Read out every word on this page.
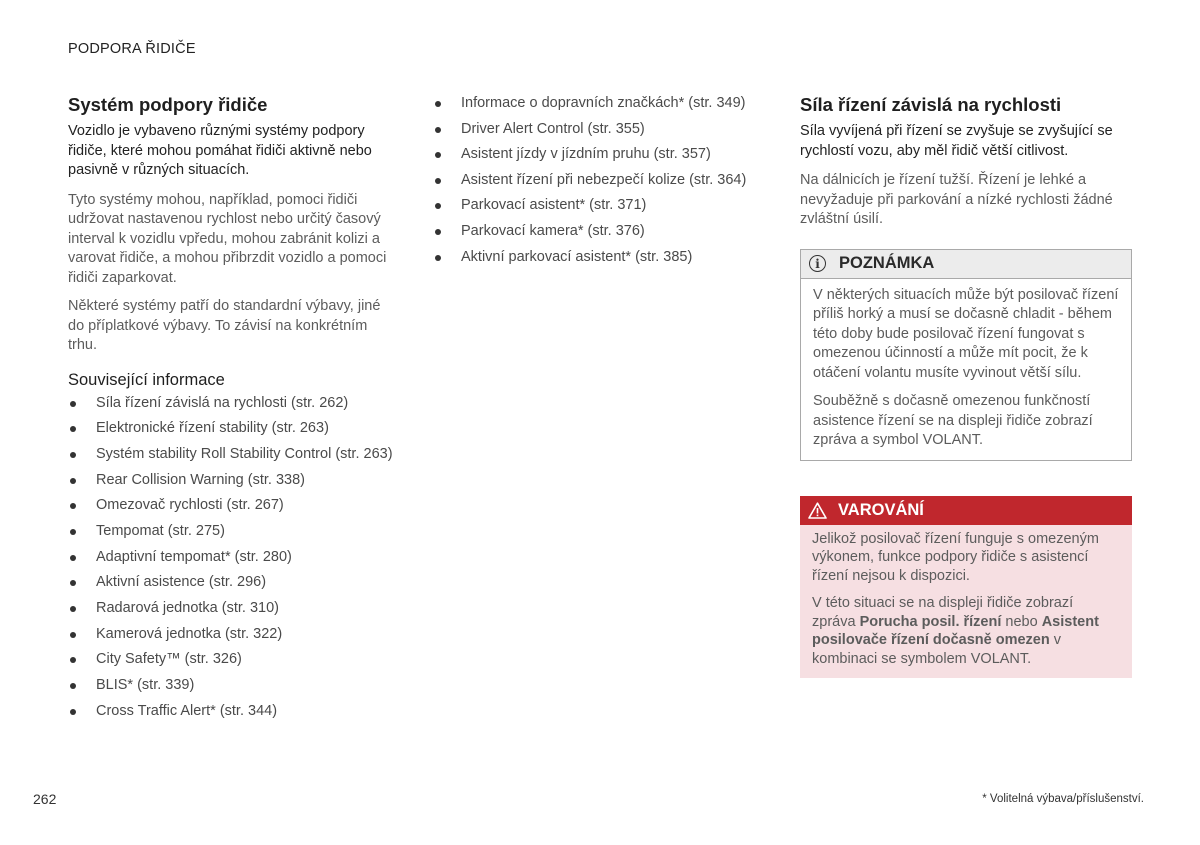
PODPORA ŘIDIČE
Systém podpory řidiče

Vozidlo je vybaveno různými systémy podpory řidiče, které mohou pomáhat řidiči aktivně nebo pasivně v různých situacích.

Tyto systémy mohou, například, pomoci řidiči udržovat nastavenou rychlost nebo určitý časový interval k vozidlu vpředu, mohou zabránit kolizi a varovat řidiče, a mohou přibrzdit vozidlo a pomoci řidiči zaparkovat.

Některé systémy patří do standardní výbavy, jiné do příplatkové výbavy. To závisí na konkrétním trhu.

Související informace
Síla řízení závislá na rychlosti (str. 262)
Elektronické řízení stability (str. 263)
Systém stability Roll Stability Control (str. 263)
Rear Collision Warning (str. 338)
Omezovač rychlosti (str. 267)
Tempomat (str. 275)
Adaptivní tempomat* (str. 280)
Aktivní asistence (str. 296)
Radarová jednotka (str. 310)
Kamerová jednotka (str. 322)
City Safety™ (str. 326)
BLIS* (str. 339)
Cross Traffic Alert* (str. 344)
Informace o dopravních značkách* (str. 349)
Driver Alert Control (str. 355)
Asistent jízdy v jízdním pruhu (str. 357)
Asistent řízení při nebezpečí kolize (str. 364)
Parkovací asistent* (str. 371)
Parkovací kamera* (str. 376)
Aktivní parkovací asistent* (str. 385)
Síla řízení závislá na rychlosti

Síla vyvíjená při řízení se zvyšuje se zvyšující se rychlostí vozu, aby měl řidič větší citlivost.

Na dálnicích je řízení tužší. Řízení je lehké a nevyžaduje při parkování a nízké rychlosti žádné zvláštní úsilí.

i	POZNÁMKA

V některých situacích může být posilovač řízení příliš horký a musí se dočasně chladit - během této doby bude posilovač řízení fungovat s omezenou účinností a může mít pocit, že k otáčení volantu musíte vyvinout větší sílu.

Souběžně s dočasně omezenou funkčností asistence řízení se na displeji řidiče zobrazí zpráva a symbol VOLANT.

VAROVÁNÍ

Jelikož posilovač řízení funguje s omezeným výkonem, funkce podpory řidiče s asistencí řízení nejsou k dispozici.

V této situaci se na displeji řidiče zobrazí zpráva Porucha posil. řízení nebo Asistent posilovače řízení dočasně omezen v kombinaci se symbolem VOLANT.

262	* Volitelná výbava/příslušenství.
